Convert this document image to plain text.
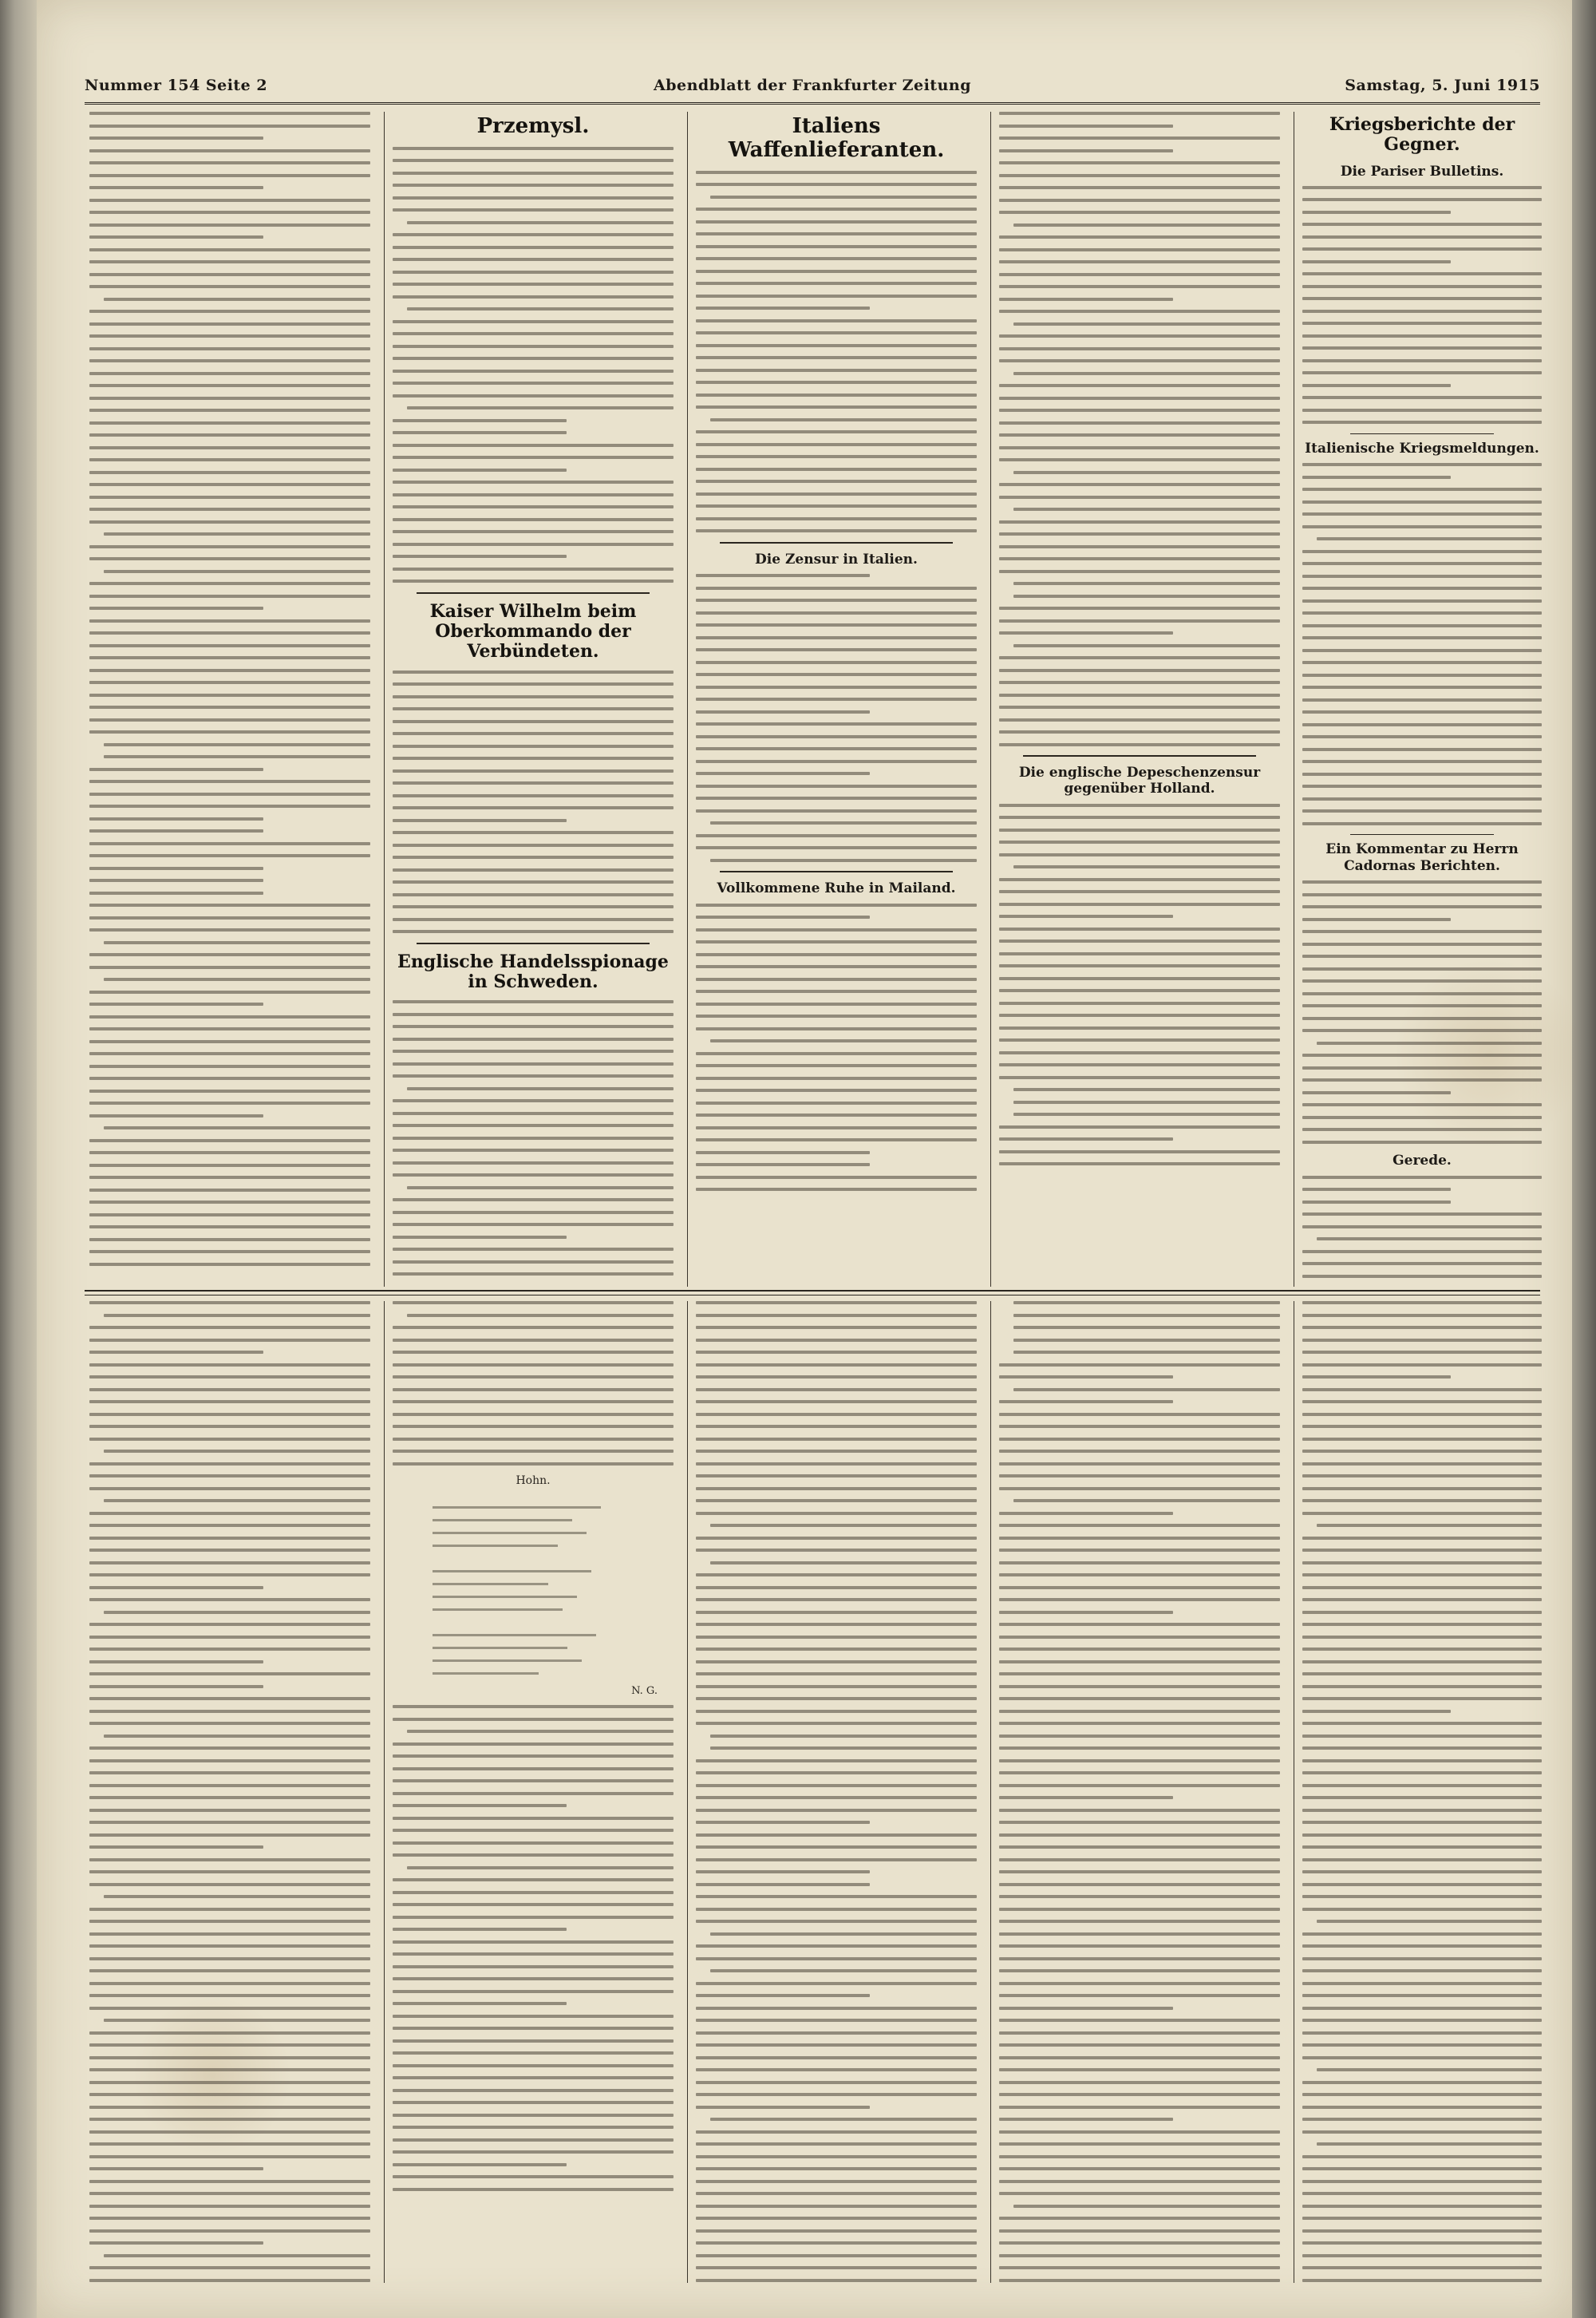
Nummer 154 Seite 2	Abendblatt der Frankfurter Zeitung	Samstag, 5. Juni 1915
Przemysl.
Kaiser Wilhelm beim Oberkommando der Verbündeten.
Englische Handelsspionage in Schweden.
Italiens Waffenlieferanten.
Die Zensur in Italien.
Vollkommene Ruhe in Mailand.
Die englische Depeschenzensur gegenüber Holland.
Kriegsberichte der Gegner.
Die Pariser Bulletins.
Italienische Kriegsmeldungen.
Ein Kommentar zu Herrn Cadornas Berichten.
Gerede.
Hohn.
N. G.
